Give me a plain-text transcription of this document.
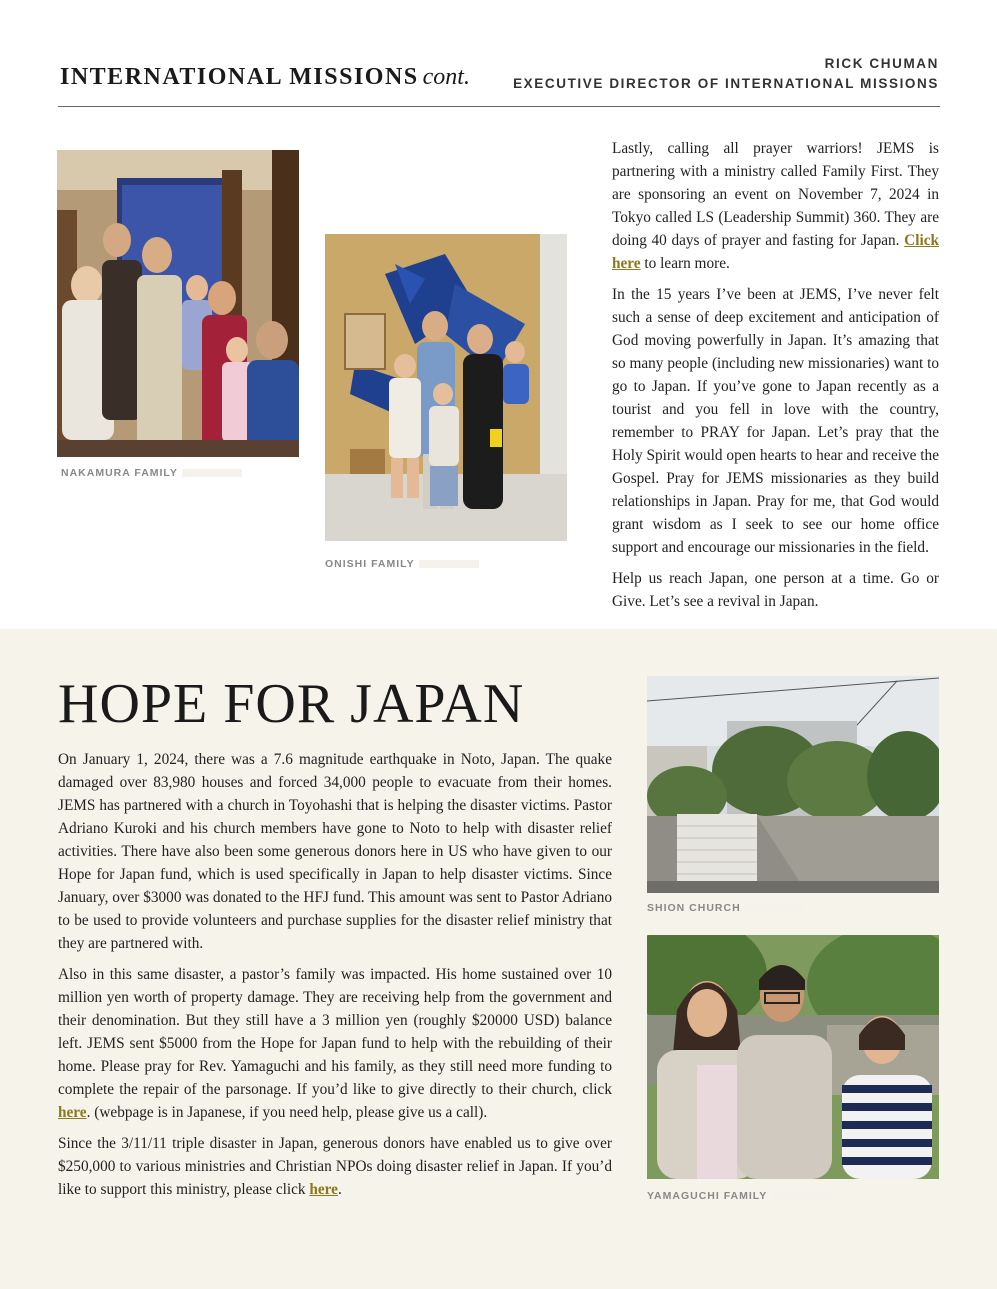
INTERNATIONAL MISSIONS cont.
RICK CHUMAN
EXECUTIVE DIRECTOR OF INTERNATIONAL MISSIONS
NAKAMURA FAMILY
ONISHI FAMILY

Lastly, calling all prayer warriors! JEMS is partnering with a ministry called Family First. They are sponsoring an event on November 7, 2024 in Tokyo called LS (Leadership Summit) 360. They are doing 40 days of prayer and fasting for Japan. Click here to learn more.

In the 15 years I’ve been at JEMS, I’ve never felt such a sense of deep excitement and anticipation of God moving powerfully in Japan. It’s amazing that so many people (including new missionaries) want to go to Japan. If you’ve gone to Japan recently as a tourist and you fell in love with the country, remember to PRAY for Japan. Let’s pray that the Holy Spirit would open hearts to hear and receive the Gospel. Pray for JEMS missionaries as they build relationships in Japan. Pray for me, that God would grant wisdom as I seek to see our home office support and encourage our missionaries in the field.

Help us reach Japan, one person at a time. Go or Give. Let’s see a revival in Japan.

HOPE FOR JAPAN

On January 1, 2024, there was a 7.6 magnitude earthquake in Noto, Japan. The quake damaged over 83,980 houses and forced 34,000 people to evacuate from their homes. JEMS has partnered with a church in Toyohashi that is helping the disaster victims. Pastor Adriano Kuroki and his church members have gone to Noto to help with disaster relief activities. There have also been some generous donors here in US who have given to our Hope for Japan fund, which is used specifically in Japan to help disaster victims. Since January, over $3000 was donated to the HFJ fund. This amount was sent to Pastor Adriano to be used to provide volunteers and purchase supplies for the disaster relief ministry that they are partnered with.

Also in this same disaster, a pastor’s family was impacted. His home sustained over 10 million yen worth of property damage. They are receiving help from the government and their denomination. But they still have a 3 million yen (roughly $20000 USD) balance left. JEMS sent $5000 from the Hope for Japan fund to help with the rebuilding of their home. Please pray for Rev. Yamaguchi and his family, as they still need more funding to complete the repair of the parsonage. If you’d like to give directly to their church, click here. (webpage is in Japanese, if you need help, please give us a call).

Since the 3/11/11 triple disaster in Japan, generous donors have enabled us to give over $250,000 to various ministries and Christian NPOs doing disaster relief in Japan. If you’d like to support this ministry, please click here.

SHION CHURCH
YAMAGUCHI FAMILY
